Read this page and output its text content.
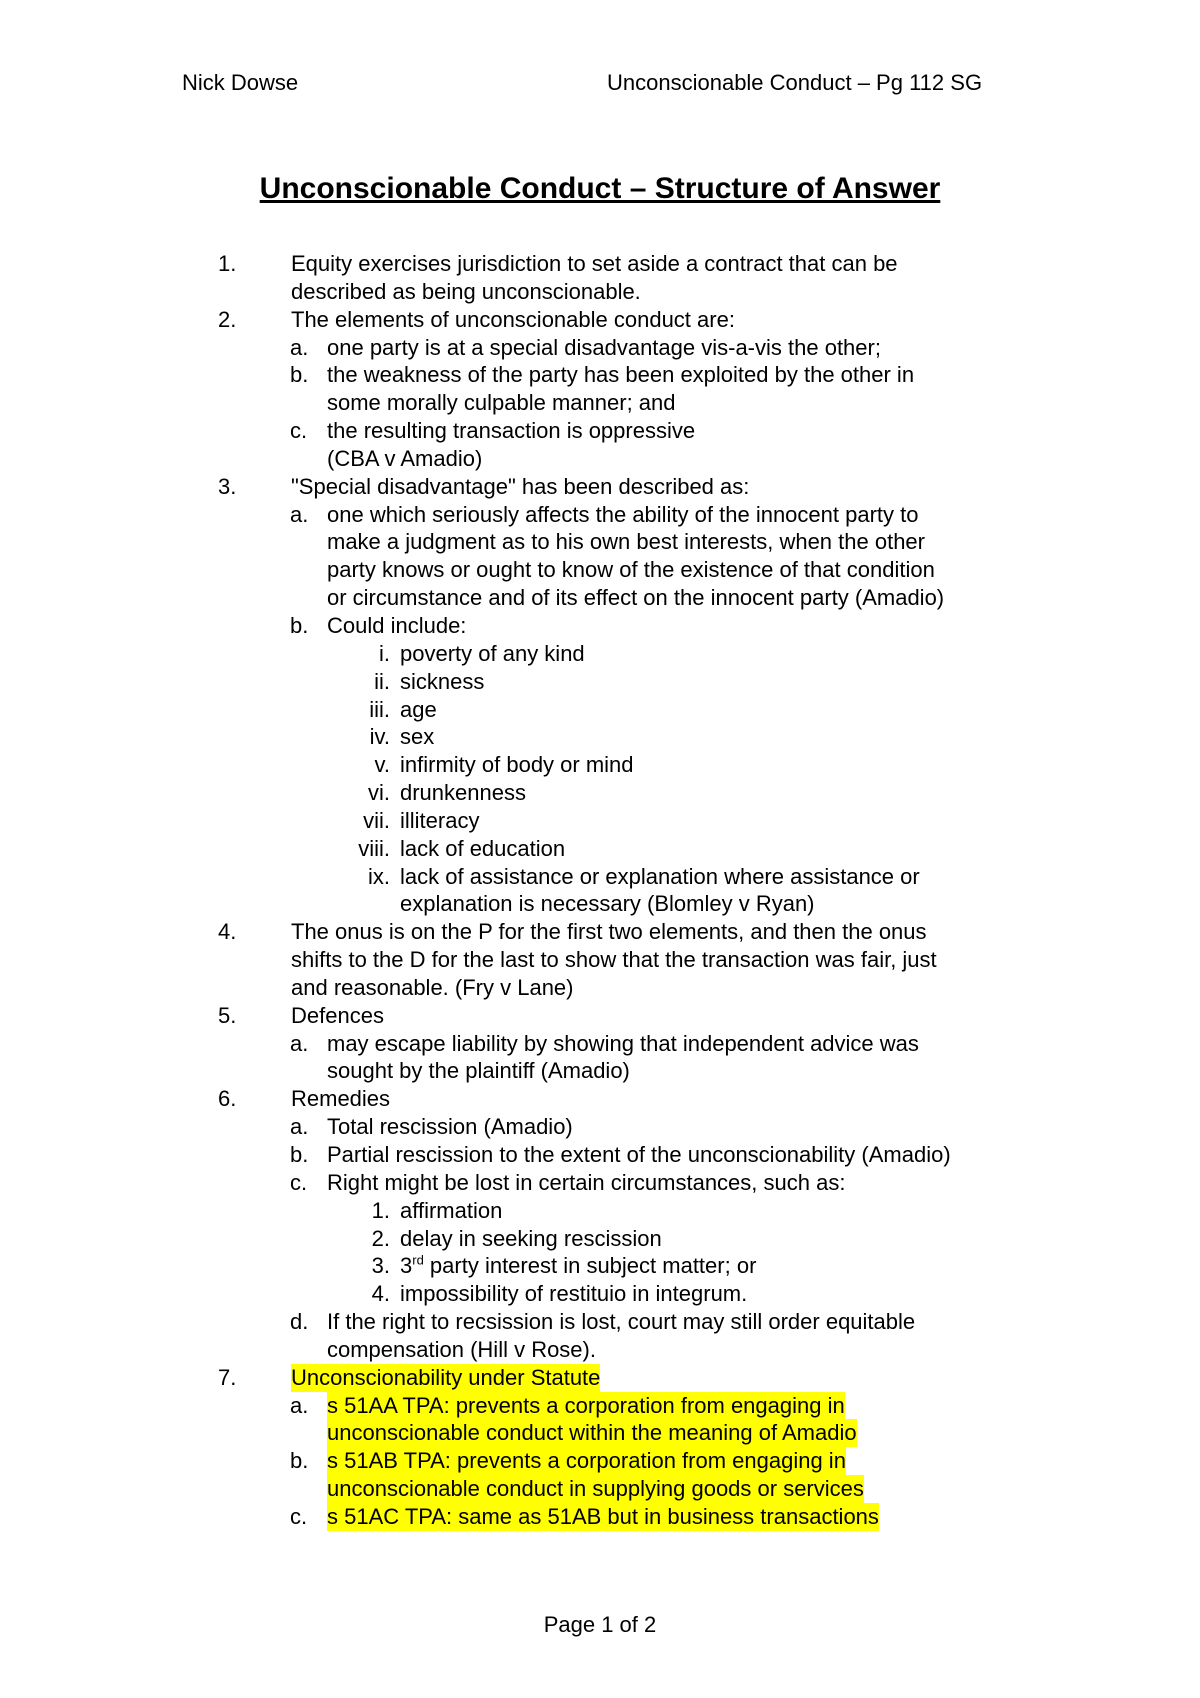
Nick Dowse	Unconscionable Conduct – Pg 112 SG
Unconscionable Conduct – Structure of Answer
1. Equity exercises jurisdiction to set aside a contract that can be
described as being unconscionable.
2. The elements of unconscionable conduct are:
a. one party is at a special disadvantage vis-a-vis the other;
b. the weakness of the party has been exploited by the other in
some morally culpable manner; and
c. the resulting transaction is oppressive
(CBA v Amadio)
3. "Special disadvantage" has been described as:
a. one which seriously affects the ability of the innocent party to
make a judgment as to his own best interests, when the other
party knows or ought to know of the existence of that condition
or circumstance and of its effect on the innocent party (Amadio)
b. Could include:
i. poverty of any kind
ii. sickness
iii. age
iv. sex
v. infirmity of body or mind
vi. drunkenness
vii. illiteracy
viii. lack of education
ix. lack of assistance or explanation where assistance or
explanation is necessary (Blomley v Ryan)
4. The onus is on the P for the first two elements, and then the onus
shifts to the D for the last to show that the transaction was fair, just
and reasonable. (Fry v Lane)
5. Defences
a. may escape liability by showing that independent advice was
sought by the plaintiff (Amadio)
6. Remedies
a. Total rescission (Amadio)
b. Partial rescission to the extent of the unconscionability (Amadio)
c. Right might be lost in certain circumstances, such as:
1. affirmation
2. delay in seeking rescission
3. 3rd party interest in subject matter; or
4. impossibility of restituio in integrum.
d. If the right to recsission is lost, court may still order equitable
compensation (Hill v Rose).
7. Unconscionability under Statute
a. s 51AA TPA: prevents a corporation from engaging in
unconscionable conduct within the meaning of Amadio
b. s 51AB TPA: prevents a corporation from engaging in
unconscionable conduct in supplying goods or services
c. s 51AC TPA: same as 51AB but in business transactions
Page 1 of 2
